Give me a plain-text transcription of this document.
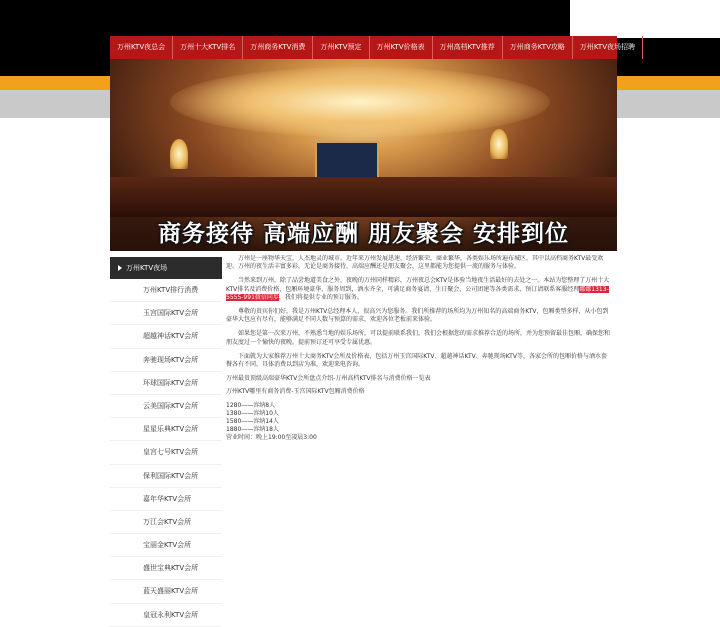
万州KTV夜总会	万州十大KTV排名	万州商务KTV消费	万州KTV预定	万州KTV价格表	万州高档KTV推荐	万州商务KTV攻略	万州KTV夜场招聘
商务接待 高端应酬 朋友聚会 安排到位
万州KTV夜场
万州KTV排行消费
玉宫国际KTV会所
超越神话KTV会所
奔驰现场KTV会所
环球国际KTV会所
云美国际KTV会所
星星乐典KTV会所
皇宫七号KTV会所
保利国际KTV会所
嘉年华KTV会所
万江会KTV会所
宝丽金KTV会所
盛世宝典KTV会所
蓝天盛丽KTV会所
皇冠永利KTV会所

万州是一座物华天宝，人杰地灵的城市。近年来万州发展迅速，经济繁荣，商业繁华，各类娱乐场所遍布城区，其中以高档商务KTV最受欢迎。万州的夜生活丰富多彩，无论是商务接待、高端应酬还是朋友聚会，这里都能为您提供一流的服务与体验。

当然来到万州，除了品尝地道美食之外，夜晚的万州同样精彩，万州夜总会KTV是体验当地夜生活最好的去处之一。本站为您整理了万州十大KTV排名及消费价格，包厢环境豪华，服务周到，酒水齐全，可满足商务宴请、生日聚会、公司团建等各类需求，预订请联系客服经理娜娜1313-5555-991微信同步，我们将提供专业的预订服务。

尊敬的贵宾你们好，我是万州KTV总经理本人，很高兴为您服务。我们所推荐的场所均为万州知名的高端商务KTV，包厢类型多样，从小包到豪华大包应有尽有，能够满足不同人数与预算的需求，欢迎各位老板前来体验。

如果您是第一次来万州，不熟悉当地的娱乐场所，可以提前联系我们，我们会根据您的需求推荐合适的场所，并为您预留最佳包厢，确保您和朋友度过一个愉快的夜晚。提前预订还可享受专属优惠。

下面就为大家推荐万州十大商务KTV会所及价格表，包括万州玉宫国际KTV、超越神话KTV、奔驰现场KTV等，各家会所的包厢价格与酒水套餐各有不同，具体消费以到店为准，欢迎来电咨询。

万州最贵顶级高端豪华KTV会所盘点介绍-万州高档KTV排名与消费价格一览表

万州KTV哪里有商务消费-玉宫国际KTV包厢消费价格

1280——容纳8人
1380——容纳10人
1580——容纳14人
1880——容纳18人
营业时间：晚上19:00至凌晨3:00
